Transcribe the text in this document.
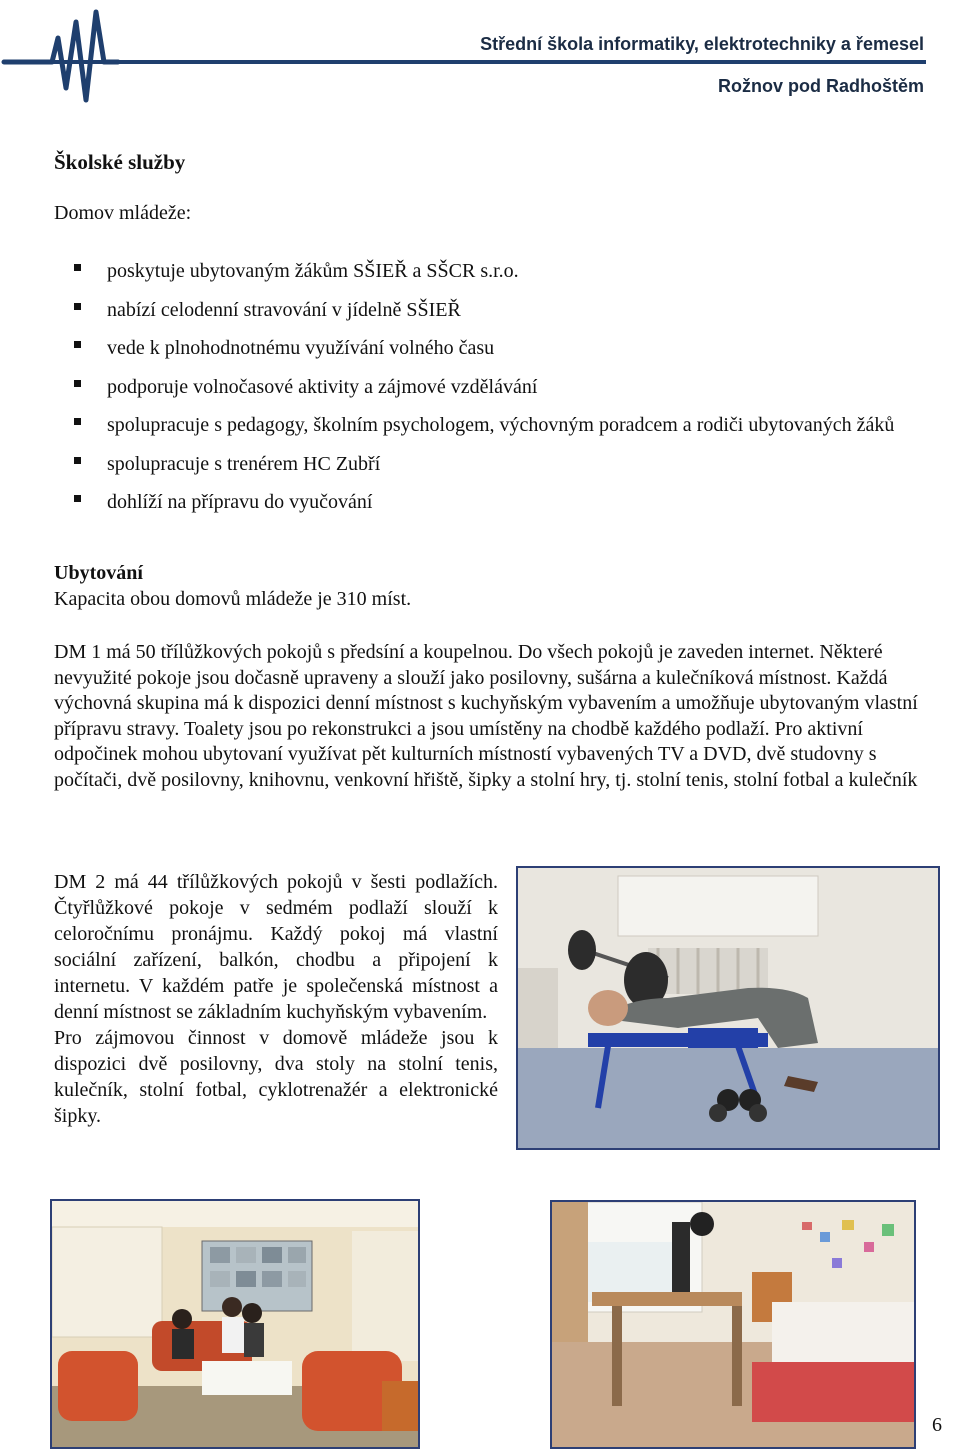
Střední škola informatiky, elektrotechniky a řemesel
Rožnov pod Radhoštěm
Školské služby
Domov mládeže:
poskytuje ubytovaným žákům SŠIEŘ a SŠCR s.r.o.
nabízí celodenní stravování v jídelně SŠIEŘ
vede k plnohodnotnému využívání volného času
podporuje volnočasové aktivity a zájmové vzdělávání
spolupracuje s pedagogy, školním psychologem, výchovným poradcem a rodiči ubytovaných žáků
spolupracuje s trenérem HC Zubří
dohlíží na přípravu do vyučování
Ubytování
Kapacita obou domovů mládeže je 310 míst.
DM 1 má 50 třílůžkových pokojů s předsíní a koupelnou. Do všech pokojů je zaveden internet. Některé nevyužité pokoje jsou dočasně upraveny a slouží jako posilovny, sušárna a kulečníková místnost. Každá výchovná skupina má k dispozici denní místnost s kuchyňským vybavením a umožňuje ubytovaným vlastní přípravu stravy. Toalety jsou po rekonstrukci a jsou umístěny na chodbě každého podlaží. Pro aktivní odpočinek mohou ubytovaní využívat pět kulturních místností vybavených TV a DVD, dvě studovny s počítači, dvě posilovny, knihovnu, venkovní hřiště, šipky a stolní hry, tj. stolní tenis, stolní fotbal a kulečník

DM 2 má 44 třílůžkových pokojů v šesti podlažích. Čtyřlůžkové pokoje v sedmém podlaží slouží k celoročnímu pronájmu. Každý pokoj má vlastní sociální zařízení, balkón, chodbu a připojení k internetu. V každém patře je společenská místnost a denní místnost se základním kuchyňským vybavením.

Pro zájmovou činnost v domově mládeže jsou k dispozici dvě posilovny, dva stoly na stolní tenis, kulečník, stolní fotbal, cyklotrenažér a elektronické šipky.

6
